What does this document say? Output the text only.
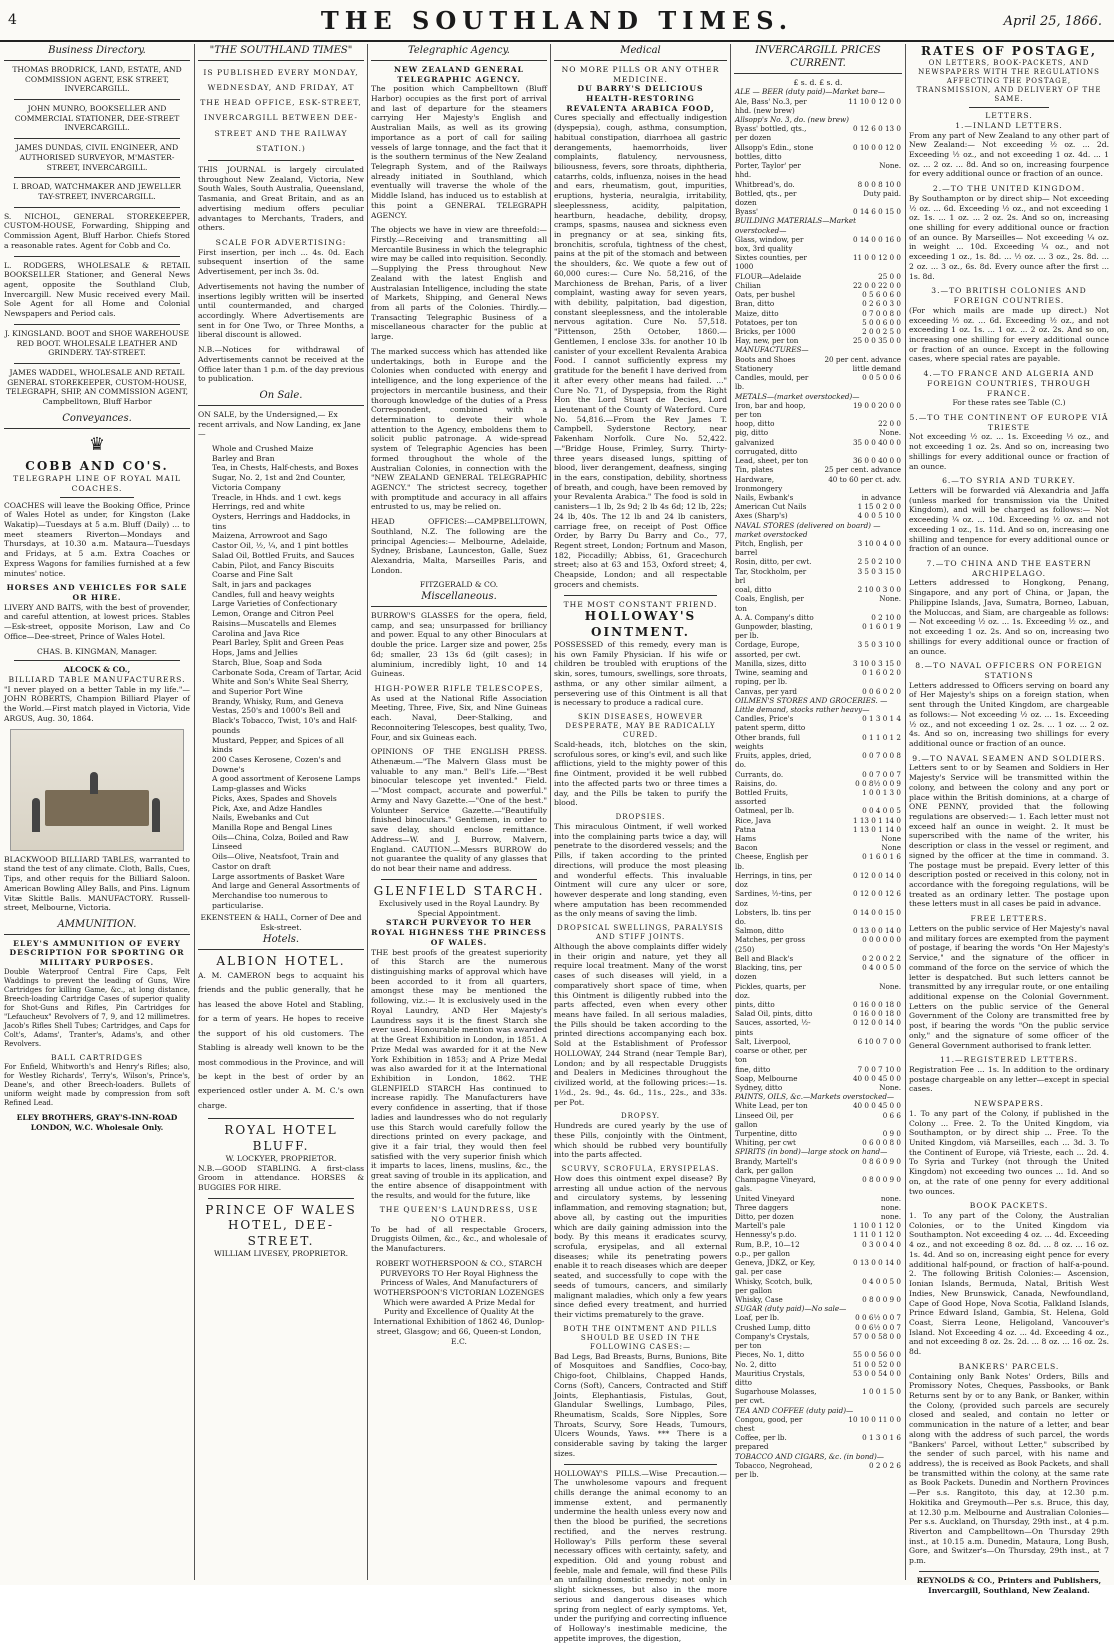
4	THE SOUTHLAND TIMES.	April 25, 1866.
Business Directory.
THOMAS BRODRICK, LAND, ESTATE, AND COMMISSION AGENT, ESK STREET, INVERCARGILL.
JOHN MUNRO, BOOKSELLER AND COMMERCIAL STATIONER, DEE-STREET INVERCARGILL.
JAMES DUNDAS, CIVIL ENGINEER, AND AUTHORISED SURVEYOR, M'MASTER-STREET, INVERCARGILL.
I. BROAD, WATCHMAKER AND JEWELLER TAY-STREET, INVERCARGILL.
S. NICHOL, GENERAL STOREKEEPER, CUSTOM-HOUSE, Forwarding, Shipping and Commission Agent, Bluff Harbor. Chiefs Stored a reasonable rates. Agent for Cobb and Co.
L. RODGERS, WHOLESALE & RETAIL BOOKSELLER Stationer, and General News agent, opposite the Southland Club, Invercargill. New Music received every Mail. Sole Agent for all Home and Colonial Newspapers and Period cals.
J. KINGSLAND. BOOT and SHOE WAREHOUSE RED BOOT. WHOLESALE LEATHER AND GRINDERY. TAY-STREET.
JAMES WADDEL, WHOLESALE AND RETAIL GENERAL STOREKEEPER, CUSTOM-HOUSE, TELEGRAPH, SHIP, AN COMMISSION AGENT, Campbelltown, Bluff Harbor
Conveyances.
♛
COBB AND CO'S.
TELEGRAPH LINE OF ROYAL MAIL COACHES.
COACHES will leave the Booking Office, Prince of Wales Hotel as under, for Kingston (Lake Wakatip)—Tuesdays at 5 a.m. Bluff (Daily) ... to meet steamers Riverton—Mondays and Thursdays, at 10.30 a.m. Mataura—Tuesdays and Fridays, at 5 a.m. Extra Coaches or Express Wagons for families furnished at a few minutes' notice.
HORSES AND VEHICLES FOR SALE OR HIRE.
LIVERY AND BAITS, with the best of provender, and careful attention, at lowest prices. Stables—Esk-street, opposite Morison, Law and Co Office—Dee-street, Prince of Wales Hotel.
CHAS. B. KINGMAN, Manager.
ALCOCK & CO.,
BILLIARD TABLE MANUFACTURERS.
"I never played on a better Table in my life."—JOHN ROBERTS, Champion Billiard Player of the World.—First match played in Victoria, Vide ARGUS, Aug. 30, 1864.
BLACKWOOD BILLIARD TABLES, warranted to stand the test of any climate. Cloth, Balls, Cues, Tips, and other requis for the Billiard Saloon. American Bowling Alley Balls, and Pins. Lignum Vitæ Skittle Balls. MANUFACTORY. Russell-street, Melbourne, Victoria.
AMMUNITION.
ELEY'S AMMUNITION OF EVERY DESCRIPTION FOR SPORTING OR MILITARY PURPOSES.
Double Waterproof Central Fire Caps, Felt Waddings to prevent the leading of Guns, Wire Cartridges for killing Game, &c., at long distance, Breech-loading Cartridge Cases of superior quality for Shot-Guns and Rifles, Pin Cartridges for "Lefaucheux" Revolvers of 7, 9, and 12 millimetres. Jacob's Rifles Shell Tubes; Cartridges, and Caps for Colt's, Adams', Tranter's, Adams's, and other Revolvers.
BALL CARTRIDGES
For Enfield, Whitworth's and Henry's Rifles; also, for Westley Richards', Terry's, Wilson's, Prince's, Deane's, and other Breech-loaders. Bullets of uniform weight made by compression from soft Refined Lead.
ELEY BROTHERS, GRAY'S-INN-ROAD LONDON, W.C. Wholesale Only.
"THE SOUTHLAND TIMES"
IS PUBLISHED EVERY MONDAY, WEDNESDAY, AND FRIDAY, AT THE HEAD OFFICE, ESK-STREET, INVERCARGILL BETWEEN DEE-STREET AND THE RAILWAY STATION.)
THIS JOURNAL is largely circulated throughout New Zealand, Victoria, New South Wales, South Australia, Queensland, Tasmania, and Great Britain, and as an advertising medium offers peculiar advantages to Merchants, Traders, and others.
SCALE FOR ADVERTISING:
First insertion, per inch ... 4s. 0d. Each subsequent insertion of the same Advertisement, per inch 3s. 0d.
Advertisements not having the number of insertions legibly written will be inserted until countermanded, and charged accordingly. Where Advertisements are sent in for One Two, or Three Months, a liberal discount is allowed.
N.B.—Notices for withdrawal of Advertisements cannot be received at the Office later than 1 p.m. of the day previous to publication.
On Sale.
ON SALE, by the Undersigned,— Ex recent arrivals, and Now Landing, ex Jane—
Whole and Crushed Maize
Barley and Bran
Tea, in Chests, Half-chests, and Boxes
Sugar, No. 2, 1st and 2nd Counter, Victoria Company
Treacle, in Hhds. and 1 cwt. kegs
Herrings, red and white
Oysters, Herrings and Haddocks, in tins
Maizena, Arrowroot and Sago
Castor Oil, ½, ¼, and 1 pint bottles
Salad Oil, Bottled Fruits, and Sauces
Cabin, Pilot, and Fancy Biscuits
Coarse and Fine Salt
Salt, in jars and packages
Candles, full and heavy weights
Large Varieties of Confectionary
Lemon, Orange and Citron Peel
Raisins—Muscatells and Elemes
Carolina and Java Rice
Pearl Barley, Split and Green Peas
Hops, Jams and Jellies
Starch, Blue, Soap and Soda
Carbonate Soda, Cream of Tartar, Acid
White and Son's White Seal Sherry, and Superior Port Wine
Brandy, Whisky, Rum, and Geneva
Vestas, 250's and 1000's Bell and Black's Tobacco, Twist, 10's and Half-pounds
Mustard, Pepper, and Spices of all kinds
200 Cases Kerosene, Cozen's and Downe's
A good assortment of Kerosene Lamps
Lamp-glasses and Wicks
Picks, Axes, Spades and Shovels
Pick, Axe, and Adze Handles
Nails, Ewebanks and Cut
Manilla Rope and Bengal Lines
Oils—China, Colza, Boiled and Raw Linseed
Oils—Olive, Neatsfoot, Train and Castor on draft
Large assortments of Basket Ware
And large and General Assortments of Merchandise too numerous to particularise.
EKENSTEEN & HALL, Corner of Dee and Esk-street.
Hotels.
ALBION HOTEL.
A. M. CAMERON begs to acquaint his friends and the public generally, that he has leased the above Hotel and Stabling, for a term of years. He hopes to receive the support of his old customers. The Stabling is already well known to be the most commodious in the Province, and will be kept in the best of order by an experienced ostler under A. M. C.'s own charge.
ROYAL HOTEL BLUFF.
W. LOCKYER, PROPRIETOR.
N.B.—GOOD STABLING. A first-class Groom in attendance. HORSES & BUGGIES FOR HIRE.
PRINCE OF WALES HOTEL, DEE-STREET.
WILLIAM LIVESEY, PROPRIETOR.
Telegraphic Agency.
NEW ZEALAND GENERAL TELEGRAPHIC AGENCY.
The position which Campbelltown (Bluff Harbor) occupies as the first port of arrival and last of departure for the steamers carrying Her Majesty's English and Australian Mails, as well as its growing importance as a port of call for sailing vessels of large tonnage, and the fact that it is the southern terminus of the New Zealand Telegraph System, and of the Railways already initiated in Southland, which eventually will traverse the whole of the Middle Island, has induced us to establish at this point a GENERAL TELEGRAPH AGENCY.
The objects we have in view are threefold:— Firstly.—Receiving and transmitting all Mercantile Business in which the telegraphic wire may be called into requisition. Secondly.—Supplying the Press throughout New Zealand with the latest English and Australasian Intelligence, including the state of Markets, Shipping, and General News from all parts of the Colonies. Thirdly.—Transacting Telegraphic Business of a miscellaneous character for the public at large.
The marked success which has attended like undertakings, both in Europe and the Colonies when conducted with energy and intelligence, and the long experience of the projectors in mercantile business, and their thorough knowledge of the duties of a Press Correspondent, combined with a determination to devote their whole attention to the Agency, emboldens them to solicit public patronage. A wide-spread system of Telegraphic Agencies has been formed throughout the whole of the Australian Colonies, in connection with the "NEW ZEALAND GENERAL TELEGRAPHIC AGENCY." The strictest secrecy, together with promptitude and accuracy in all affairs entrusted to us, may be relied on.
HEAD OFFICES:—CAMPBELLTOWN, Southland, N.Z. The following are the principal Agencies:— Melbourne, Adelaide, Sydney, Brisbane, Launceston, Galle, Suez Alexandria, Malta, Marseilles Paris, and London.
FITZGERALD & CO.
Miscellaneous.
BURROW'S GLASSES for the opera, field, camp, and sea; unsurpassed for brilliancy and power. Equal to any other Binoculars at double the price. Larger size and power, 25s 6d; smaller, 23 13s 6d (gilt cases); in aluminium, incredibly light, 10 and 14 Guineas.
HIGH-POWER RIFLE TELESCOPES,
As used at the National Rifle Association Meeting, Three, Five, Six, and Nine Guineas each. Naval, Deer-Stalking, and Reconnoitering Telescopes, best quality, Two, Four, and six Guineas each.
OPINIONS OF THE ENGLISH PRESS. Athenæum.—"The Malvern Glass must be valuable to any man." Bell's Life.—"Best binocular telescope yet invented." Field.—"Most compact, accurate and powerful." Army and Navy Gazette.—"One of the best." Volunteer Service Gazette.—"Beautifully finished binoculars." Gentlemen, in order to save delay, should enclose remittance. Address—W. and J. Burrow, Malvern, England. CAUTION.—Messrs BURROW do not guarantee the quality of any glasses that do not bear their name and address.
GLENFIELD STARCH.
Exclusively used in the Royal Laundry. By Special Appointment.
STARCH PURVEYOR TO HER ROYAL HIGHNESS THE PRINCESS OF WALES.
THE best proofs of the greatest superiority of this Starch are the numerous distinguishing marks of approval which have been accorded to it from all quarters, amongst these may be mentioned the following, viz.:— It is exclusively used in the Royal Laundry, AND Her Majesty's Laundress says it is the finest Starch she ever used. Honourable mention was awarded at the Great Exhibition in London, in 1851. A Prize Medal was awarded for it at the New York Exhibition in 1853; and A Prize Medal was also awarded for it at the International Exhibition in London, 1862. THE GLENFIELD STARCH Has continued to increase rapidly. The Manufacturers have every confidence in asserting, that if those ladies and laundresses who do not regularly use this Starch would carefully follow the directions printed on every package, and give it a fair trial, they would then feel satisfied with the very superior finish which it imparts to laces, linens, muslins, &c., the great saving of trouble in its application, and the entire absence of disappointment with the results, and would for the future, like
THE QUEEN'S LAUNDRESS, USE NO OTHER.
To be had of all respectable Grocers, Druggists Oilmen, &c., &c., and wholesale of the Manufacturers.
ROBERT WOTHERSPOON & CO., STARCH PURVEYORS TO Her Royal Highness the Princess of Wales, And Manufacturers of WOTHERSPOON'S VICTORIAN LOZENGES Which were awarded A Prize Medal for Purity and Excellence of Quality At the International Exhibition of 1862 46, Dunlop-street, Glasgow; and 66, Queen-st London, E.C.
Medical
NO MORE PILLS OR ANY OTHER MEDICINE.
DU BARRY'S DELICIOUS HEALTH-RESTORING REVALENTA ARABICA FOOD,
Cures specially and effectually indigestion (dyspepsia), cough, asthma, consumption, habitual constipation, diarrhoea all gastric derangements, haemorrhoids, liver complaints, flatulency, nervousness, biliousness, fevers, sore throats, diphtheria, catarrhs, colds, influenza, noises in the head and ears, rheumatism, gout, impurities, eruptions, hysteria, neuralgia, irritability, sleeplessness, acidity, palpitation, heartburn, headache, debility, dropsy, cramps, spasms, nausea and sickness even in pregnancy or at sea, sinking fits, bronchitis, scrofula, tightness of the chest, pains at the pit of the stomach and between the shoulders, &c. We quote a few out of 60,000 cures:— Cure No. 58,216, of the Marchioness de Brehan, Paris, of a liver complaint, wasting away for seven years, with debility, palpitation, bad digestion, constant sleeplessness, and the intolerable nervous agitation. Cure No. 57,518. "Pittenson, 25th October, 1860.—Gentlemen, I enclose 33s. for another 10 lb canister of your excellent Revalenta Arabica Food. I cannot sufficiently express my gratitude for the benefit I have derived from it after every other means had failed. ..." Cure No. 71, of Dyspepsia, from the Right Hon the Lord Stuart de Decies, Lord Lieutenant of the County of Waterford. Cure No. 54,816.—From the Rev James T. Campbell, Syderstone Rectory, near Fakenham Norfolk. Cure No. 52,422.—"Bridge House, Frimley, Surry. Thirty-three years diseased lungs, spitting of blood, liver derangement, deafness, singing in the ears, constipation, debility, shortness of breath, and cough, have been removed by your Revalenta Arabica." The food is sold in canisters—1 lb, 2s 9d; 2 lb 4s 6d; 12 lb, 22s; 24 lb, 40s. The 12 lb and 24 lb canisters, carriage free, on receipt of Post Office Order, by Barry Du Barry and Co., 77, Regent street, London; Fortnum and Mason, 182, Piccadilly; Abbiss, 61, Gracechurch street; also at 63 and 153, Oxford street; 4, Cheapside, London; and all respectable grocers and chemists.
THE MOST CONSTANT FRIEND.
HOLLOWAY'S OINTMENT.
POSSESSED of this remedy, every man is his own Family Physician. If his wife or children be troubled with eruptions of the skin, sores, tumours, swellings, sore throats, asthma, or any other similar ailment, a persevering use of this Ointment is all that is necessary to produce a radical cure.
SKIN DISEASES, HOWEVER DESPERATE, MAY BE RADICALLY CURED.
Scald-heads, itch, blotches on the skin, scrofulous sores, or king's evil, and such like afflictions, yield to the mighty power of this fine Ointment, provided it be well rubbed into the affected parts two or three times a day, and the Pills be taken to purify the blood.
DROPSIES.
This miraculous Ointment, if well worked into the complaining parts twice a day, will penetrate to the disordered vessels; and the Pills, if taken according to the printed directions, will produce the most pleasing and wonderful effects. This invaluable Ointment will cure any ulcer or sore, however desperate and long standing, even where amputation has been recommended as the only means of saving the limb.
DROPSICAL SWELLINGS, PARALYSIS AND STIFF JOINTS.
Although the above complaints differ widely in their origin and nature, yet they all require local treatment. Many of the worst cases of such diseases will yield, in a comparatively short space of time, when this Ointment is diligently rubbed into the parts affected, even when every other means have failed. In all serious maladies, the Pills should be taken according to the printed directions accompanying each box. Sold at the Establishment of Professor HOLLOWAY, 244 Strand (near Temple Bar), London; and by all respectable Druggists and Dealers in Medicines throughout the civilized world, at the following prices:—1s. 1½d., 2s. 9d., 4s. 6d., 11s., 22s., and 33s. per Pot.
DROPSY.
Hundreds are cured yearly by the use of these Pills, conjointly with the Ointment, which should be rubbed very bountifully into the parts affected.
SCURVY, SCROFULA, ERYSIPELAS.
How does this ointment expel disease? By arresting all undue action of the nervous and circulatory systems, by lessening inflammation, and removing stagnation; but, above all, by casting out the impurities which are daily gaining admission into the body. By this means it eradicates scurvy, scrofula, erysipelas, and all external diseases; while its penetrating powers enable it to reach diseases which are deeper seated, and successfully to cope with the seeds of tumours, cancers, and similarly malignant maladies, which only a few years since defied every treatment, and hurried their victims prematurely to the grave.
BOTH THE OINTMENT AND PILLS SHOULD BE USED IN THE FOLLOWING CASES:—
Bad Legs, Bad Breasts, Burns, Bunions, Bite of Mosquitoes and Sandflies, Coco-bay, Chigo-foot, Chilblains, Chapped Hands, Corns (Soft), Cancers, Contracted and Stiff Joints, Elephantiasis, Fistulas, Gout, Glandular Swellings, Lumbago, Piles, Rheumatism, Scalds, Sore Nipples, Sore Throats, Scurvy, Sore Heads, Tumours, Ulcers Wounds, Yaws. *** There is a considerable saving by taking the larger sizes.
HOLLOWAY'S PILLS.—Wise Precaution.—The unwholesome vapours and frequent chills derange the animal economy to an immense extent, and permanently undermine the health unless every now and then the blood be purified, the secretions rectified, and the nerves restrung. Holloway's Pills perform these several necessary offices with certainty, safety, and expedition. Old and young robust and feeble, male and female, will find these Pills an unfailing domestic remedy; not only in slight sicknesses, but also in the more serious and dangerous diseases which spring from neglect of early symptoms. Yet, under the purifying and correcting influence of Holloway's inestimable medicine, the appetite improves, the digestion,
INVERCARGILL PRICES CURRENT.
£ s. d. £ s. d.
ALE — BEER (duty paid)—Market bare—	
Ale, Bass' No.3, per hhd. (new brew)	11 10 0 12 0 0
Allsopp's No. 3, do. (new brew)	
Byass' bottled, qts., per dozen	0 12 6 0 13 0
Allsopp's Edin., stone bottles, ditto	0 10 0 0 12 0
Porter, Taylor' per hhd.	None.
Whitbread's, do.	8 0 0 8 10 0
Bottled, qts., per dozen	Duty paid.
Byass'	0 14 6 0 15 0
BUILDING MATERIALS—Market overstocked—	
Glass, window, per box, 3rd quality	0 14 0 0 16 0
Sixtes counties, per 1000	11 0 0 12 0 0
FLOUR—Adelaide	25 0 0
Chilian	22 0 0 22 0 0
Oats, per bushel	0 5 6 0 6 0
Bran, ditto	0 2 6 0 3 0
Maize, ditto	0 7 0 0 8 0
Potatoes, per ton	5 0 0 6 0 0
Bricks, per 1000	2 0 0 2 5 0
Hay, new, per ton	25 0 0 35 0 0
MANUFACTURES—	
Boots and Shoes	20 per cent. advance
Stationery	little demand
Candles, mould, per lb.	0 0 5 0 0 6
METALS—(market overstocked)—	
Iron, bar and hoop, per ton	19 0 0 20 0 0
hoop, ditto	22 0 0
pig, ditto	None.
galvanized corrugated, ditto	35 0 0 40 0 0
Lead, sheet, per ton	36 0 0 40 0 0
Tin, plates	25 per cent. advance
Hardware, Ironmongery	40 to 60 per ct. adv.
Nails, Ewbank's	in advance
American Cut Nails	1 15 0 2 0 0
Axes (Sharp's)	4 0 0 5 10 0
NAVAL STORES (delivered on board) — market overstocked	
Pitch, English, per barrel	3 10 0 4 0 0
Rosin, ditto, per cwt.	2 5 0 2 10 0
Tar, Stockholm, per brl	3 5 0 3 15 0
coal, ditto	2 10 0 3 0 0
Coals, English, per ton	None.
A. A. Company's ditto	0 2 10 0
Gunpowder, blasting, per lb.	0 1 6 0 1 9
Cordage, Europe, assorted, per cwt.	3 5 0 3 10 0
Manilla, sizes, ditto	3 10 0 3 15 0
Twine, seaming and roping, per lb.	0 1 6 0 2 0
Canvas, per yard	0 0 6 0 2 0
OILMEN'S STORES AND GROCERIES. — Little demand, stocks rather heavy—	
Candles, Price's patent sperm, ditto	0 1 3 0 1 4
Other brands, full weights	0 1 1 0 1 2
Fruits, apples, dried, do.	0 0 7 0 0 8
Currants, do.	0 0 7 0 0 7
Raisins, do.	0 0 8½ 0 0 9
Bottled Fruits, assorted	1 0 0 1 3 0
Oatmeal, per lb.	0 0 4 0 0 5
Rice, Java	1 13 0 1 14 0
Patna	1 13 0 1 14 0
Hams	None
Bacon	None
Cheese, English per lb.	0 1 6 0 1 6
Herrings, in tins, per doz	0 12 0 0 14 0
Sardines, ½-tins, per doz	0 12 0 0 12 6
Lobsters, lb. tins per do.	0 14 0 0 15 0
Salmon, ditto	0 13 0 0 14 0
Matches, per gross (250)	0 0 0 0 0 0
Bell and Black's	0 2 0 0 2 2
Blacking, tins, per dozen	0 4 0 0 5 0
Pickles, quarts, per doz.	None.
pints, ditto	0 16 0 0 18 0
Salad Oil, pints, ditto	0 16 0 0 18 0
Sauces, assorted, ½-pints	0 12 0 0 14 0
Salt, Liverpool, coarse or other, per ton	6 10 0 7 0 0
fine, ditto	7 0 0 7 10 0
Soap, Melbourne	40 0 0 45 0 0
Sydney, ditto	None.
PAINTS, OILS, &c.—Markets overstocked—	
White Lead, per ton	40 0 0 45 0 0
Linseed Oil, per gallon	0 6 6
Turpentine, ditto	0 9 0
Whiting, per cwt	0 6 0 0 8 0
SPIRITS (in bond)—large stock on hand—	
Brandy, Martell's dark, per gallon	0 8 6 0 9 0
Champagne Vineyard, gals.	0 8 0 0 9 0
United Vineyard	none.
Three daggers	none.
Ditto, per dozen	none.
Martell's pale	1 10 0 1 12 0
Hennessy's p.do.	1 11 0 1 12 0
Rum, B.P., 10—12 o.p., per gallon	0 3 0 0 4 0
Geneva, JDKZ, or Key, gal. per case	0 13 0 0 14 0
Whisky, Scotch, bulk, per gallon	0 4 0 0 5 0
Whisky, Case	0 8 0 0 9 0
SUGAR (duty paid)—No sale—	
Loaf, per lb.	0 0 6½ 0 0 7
Crushed Lump, ditto	0 0 6½ 0 0 7
Company's Crystals, per ton	57 0 0 58 0 0
Pieces, No. 1, ditto	55 0 0 56 0 0
No. 2, ditto	51 0 0 52 0 0
Mauritius Crystals, ditto	53 0 0 54 0 0
Sugarhouse Molasses, per cwt.	1 0 0 1 5 0
TEA AND COFFEE (duty paid)—	
Congou, good, per chest	10 10 0 11 0 0
Coffee, per lb. prepared	0 1 3 0 1 6
TOBACCO AND CIGARS, &c. (in bond)—	
Tobacco, Negrohead, per lb.	0 2 0 2 6
RATES OF POSTAGE,
ON LETTERS, BOOK-PACKETS, AND NEWSPAPERS WITH THE REGULATIONS AFFECTING THE POSTAGE, TRANSMISSION, AND DELIVERY OF THE SAME.
LETTERS.
1.—INLAND LETTERS.
From any part of New Zealand to any other part of New Zealand:— Not exceeding ½ oz. ... 2d. Exceeding ½ oz., and not exceeding 1 oz. 4d. ... 1 oz. ... 2 oz. ... 8d. And so on, increasing fourpence for every additional ounce or fraction of an ounce.
2.—TO THE UNITED KINGDOM.
By Southampton or by direct ship— Not exceeding ½ oz. ... 6d. Exceeding ½ oz., and not exceeding 1 oz. 1s. ... 1 oz. ... 2 oz. 2s. And so on, increasing one shilling for every additional ounce or fraction of an ounce. By Marseilles— Not exceeding ¼ oz. in weight ... 10d. Exceeding ¼ oz., and not exceeding 1 oz., 1s. 8d. ... ½ oz. ... 3 oz., 2s. 8d. ... 2 oz. ... 3 oz., 6s. 8d. Every ounce after the first ... 1s. 8d.
3.—TO BRITISH COLONIES AND FOREIGN COUNTRIES.
(For which mails are made up direct.) Not exceeding ½ oz. ... 6d. Exceeding ½ oz., and not exceeding 1 oz. 1s. ... 1 oz. ... 2 oz. 2s. And so on, increasing one shilling for every additional ounce or fraction of an ounce. Except in the following cases, where special rates are payable.
4.—TO FRANCE AND ALGERIA AND FOREIGN COUNTRIES, THROUGH FRANCE.
For these rates see Table (C.)
5.—TO THE CONTINENT OF EUROPE VIÂ TRIESTE
Not exceeding ½ oz. ... 1s. Exceeding ½ oz., and not exceeding 1 oz. 2s. And so on, increasing two shillings for every additional ounce or fraction of an ounce.
6.—TO SYRIA AND TURKEY.
Letters will be forwarded viâ Alexandria and Jaffa (unless marked for transmission via the United Kingdom), and will be charged as follows:— Not exceeding ¼ oz. ... 10d. Exceeding ½ oz. and not exceeding 1 oz., 1s. 11d. And so on, increasing one shilling and tenpence for every additional ounce or fraction of an ounce.
7.—TO CHINA AND THE EASTERN ARCHIPELAGO.
Letters addressed to Hongkong, Penang, Singapore, and any port of China, or Japan, the Philippine Islands, Java, Sumatra, Borneo, Labuan, the Moluccas, and Siam, are chargeable as follows:— Not exceeding ½ oz. ... 1s. Exceeding ½ oz., and not exceeding 1 oz. 2s. And so on, increasing two shillings for every additional ounce or fraction of an ounce.
8.—TO NAVAL OFFICERS ON FOREIGN STATIONS
Letters addressed to Officers serving on board any of Her Majesty's ships on a foreign station, when sent through the United Kingdom, are chargeable as follows:— Not exceeding ½ oz. ... 1s. Exceeding ½ oz., and not exceeding 1 oz. 2s. ... 1 oz. ... 2 oz. 4s. And so on, increasing two shillings for every additional ounce or fraction of an ounce.
9.—TO NAVAL SEAMEN AND SOLDIERS.
Letters sent to or by Seamen and Soldiers in Her Majesty's Service will be transmitted within the colony, and between the colony and any port or place within the British dominions, at a charge of ONE PENNY, provided that the following regulations are observed:— 1. Each letter must not exceed half an ounce in weight. 2. It must be superscribed with the name of the writer, his description or class in the vessel or regiment, and signed by the officer at the time in command. 3. The postage must be prepaid. Every letter of this description posted or received in this colony, not in accordance with the foregoing regulations, will be treated as an ordinary letter. The postage upon these letters must in all cases be paid in advance.
FREE LETTERS.
Letters on the public service of Her Majesty's naval and military forces are exempted from the payment of postage, if bearing the words "On Her Majesty's Service," and the signature of the officer in command of the force on the service of which the letter is despatched. But such letters cannot be transmitted by any irregular route, or one entailing additional expense on the Colonial Government. Letters on the public service of the General Government of the Colony are transmitted free by post, if bearing the words "On the public service only," and the signature of some officer of the General Government authorised to frank letter.
11.—REGISTERED LETTERS.
Registration Fee ... 1s. In addition to the ordinary postage chargeable on any letter—except in special cases.
NEWSPAPERS.
1. To any part of the Colony, if published in the Colony ... Free. 2. To the United Kingdom, via Southampton, or by direct ship ... Free. To the United Kingdom, viâ Marseilles, each ... 3d. 3. To the Continent of Europe, viâ Trieste, each ... 2d. 4. To Syria and Turkey (not through the United Kingdom) not exceeding two ounces ... 1d. And so on, at the rate of one penny for every additional two ounces.
BOOK PACKETS.
1. To any part of the Colony, the Australian Colonies, or to the United Kingdom via Southampton. Not exceeding 4 oz. ... 4d. Exceeding 4 oz., and not exceeding 8 oz. 8d. ... 8 oz. ... 16 oz. 1s. 4d. And so on, increasing eight pence for every additional half-pound, or fraction of half-a-pound. 2. The following British Colonies:— Ascension, Ionian Islands, Bermuda, Natal, British West Indies, New Brunswick, Canada, Newfoundland, Cape of Good Hope, Nova Scotia, Falkland Islands, Prince Edward Island, Gambia, St. Helena, Gold Coast, Sierra Leone, Heligoland, Vancouver's Island. Not Exceeding 4 oz. ... 4d. Exceeding 4 oz., and not exceeding 8 oz. 2s. 2d. ... 8 oz. ... 16 oz. 2s. 8d.
BANKERS' PARCELS.
Containing only Bank Notes' Orders, Bills and Promissory Notes, Cheques, Passbooks, or Bank Returns sent by or to any Bank, or Banker, within the Colony, (provided such parcels are securely closed and sealed, and contain no letter or communication in the nature of a letter, and bear along with the address of such parcel, the words "Bankers' Parcel, without Letter," subscribed by the sender of such parcel, with his name and address), the is received as Book Packets, and shall be transmitted within the colony, at the same rate as Book Packets. Dunedin and Northern Provinces—Per s.s. Rangitoto, this day, at 12.30 p.m. Hokitika and Greymouth—Per s.s. Bruce, this day, at 12.30 p.m. Melbourne and Australian Colonies—Per s.s. Auckland, on Thursday, 29th inst., at 4 p.m. Riverton and Campbelltown—On Thursday 29th inst., at 10.15 a.m. Dunedin, Mataura, Long Bush, Gore, and Switzer's—On Thursday, 29th inst., at 7 p.m.
REYNOLDS & CO., Printers and Publishers, Invercargill, Southland, New Zealand.
